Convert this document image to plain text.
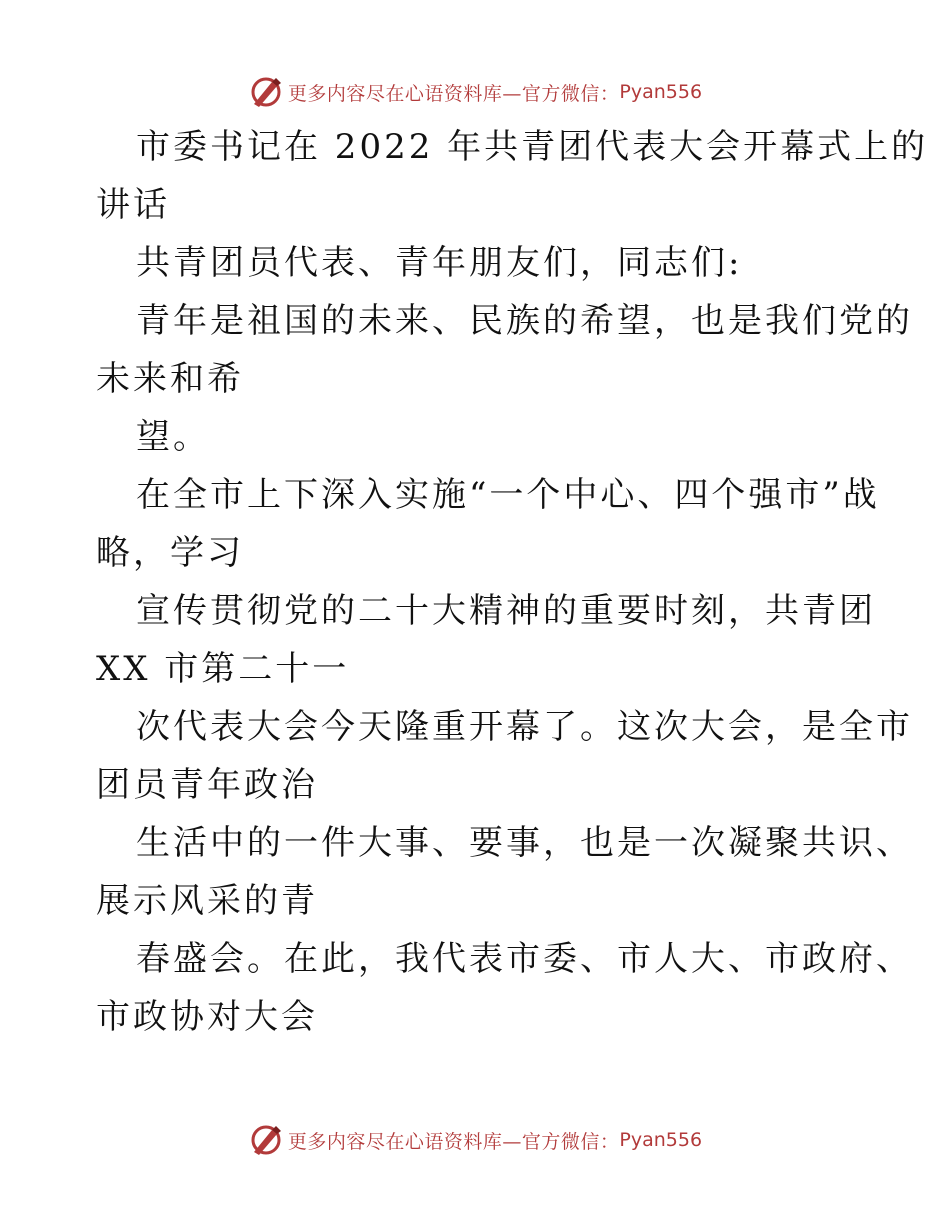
更多内容尽在心语资料库—官方微信： Pyan556
市委书记在 2022 年共青团代表大会开幕式上的
讲话
共青团员代表、青年朋友们，同志们:
青年是祖国的未来、民族的希望，也是我们党的
未来和希
望。
在全市上下深入实施“一个中心、四个强市”战
略，学习
宣传贯彻党的二十大精神的重要时刻，共青团
XX 市第二十一
次代表大会今天隆重开幕了。这次大会，是全市
团员青年政治
生活中的一件大事、要事，也是一次凝聚共识、
展示风采的青
春盛会。在此，我代表市委、市人大、市政府、
市政协对大会
更多内容尽在心语资料库—官方微信： Pyan556
